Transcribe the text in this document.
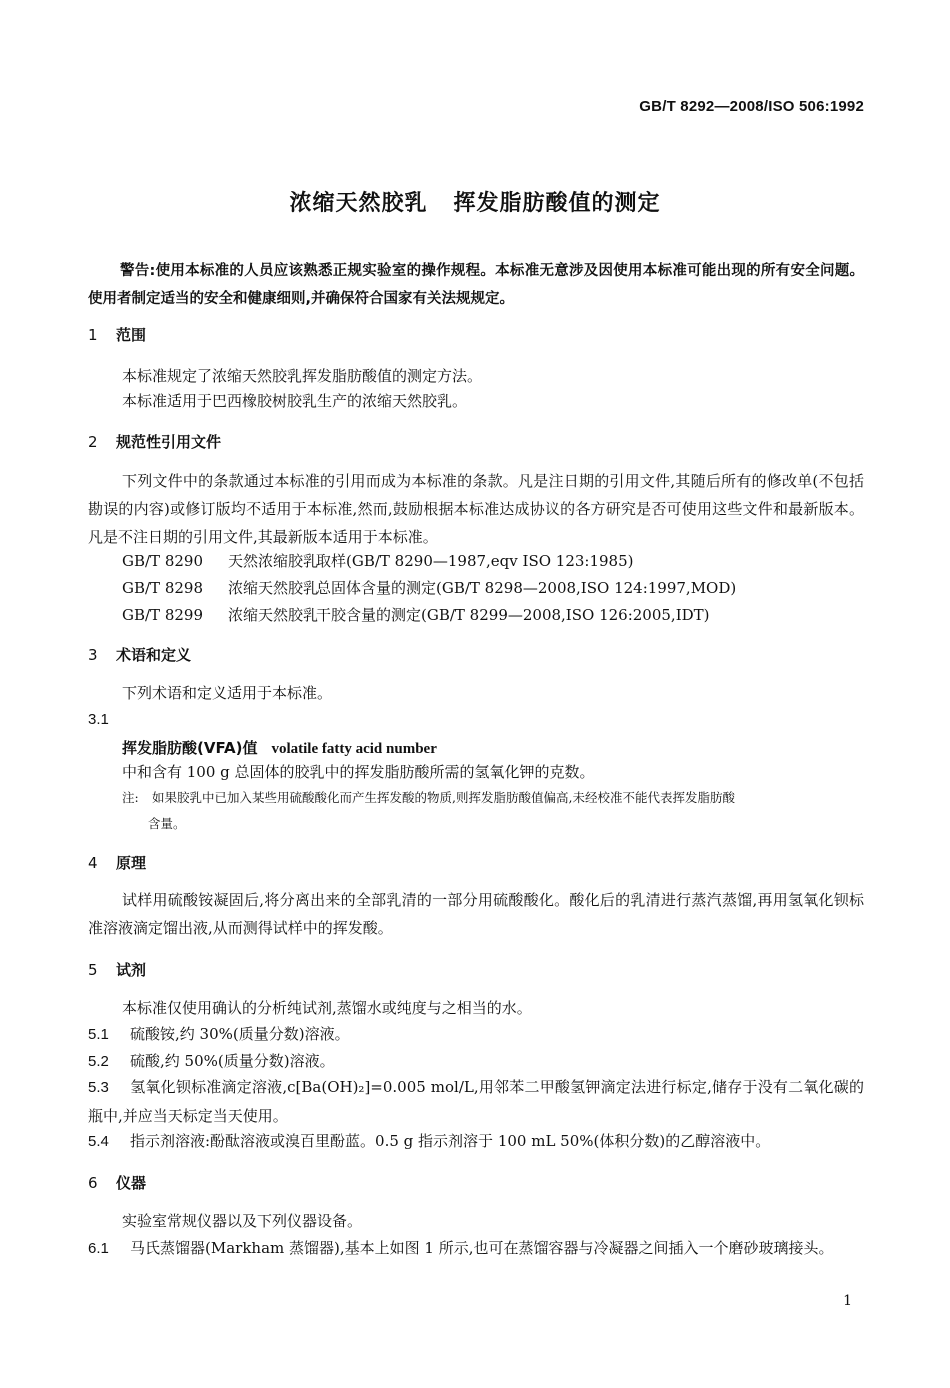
GB/T 8292—2008/ISO 506:1992
浓缩天然胶乳 挥发脂肪酸值的测定
警告:使用本标准的人员应该熟悉正规实验室的操作规程。本标准无意涉及因使用本标准可能出现的所有安全问题。使用者制定适当的安全和健康细则,并确保符合国家有关法规规定。
1 范围
本标准规定了浓缩天然胶乳挥发脂肪酸值的测定方法。
本标准适用于巴西橡胶树胶乳生产的浓缩天然胶乳。
2 规范性引用文件
下列文件中的条款通过本标准的引用而成为本标准的条款。凡是注日期的引用文件,其随后所有的修改单(不包括勘误的内容)或修订版均不适用于本标准,然而,鼓励根据本标准达成协议的各方研究是否可使用这些文件和最新版本。凡是不注日期的引用文件,其最新版本适用于本标准。
GB/T 8290 天然浓缩胶乳取样(GB/T 8290—1987,eqv ISO 123:1985)
GB/T 8298 浓缩天然胶乳总固体含量的测定(GB/T 8298—2008,ISO 124:1997,MOD)
GB/T 8299 浓缩天然胶乳干胶含量的测定(GB/T 8299—2008,ISO 126:2005,IDT)
3 术语和定义
下列术语和定义适用于本标准。
3.1
挥发脂肪酸(VFA)值 volatile fatty acid number
中和含有 100 g 总固体的胶乳中的挥发脂肪酸所需的氢氧化钾的克数。
注: 如果胶乳中已加入某些用硫酸酸化而产生挥发酸的物质,则挥发脂肪酸值偏高,未经校准不能代表挥发脂肪酸
含量。
4 原理
试样用硫酸铵凝固后,将分离出来的全部乳清的一部分用硫酸酸化。酸化后的乳清进行蒸汽蒸馏,再用氢氧化钡标准溶液滴定馏出液,从而测得试样中的挥发酸。
5 试剂
本标准仅使用确认的分析纯试剂,蒸馏水或纯度与之相当的水。
5.1 硫酸铵,约 30%(质量分数)溶液。
5.2 硫酸,约 50%(质量分数)溶液。
5.3 氢氧化钡标准滴定溶液,c[Ba(OH)₂]=0.005 mol/L,用邻苯二甲酸氢钾滴定法进行标定,储存于没有二氧化碳的瓶中,并应当天标定当天使用。
5.4 指示剂溶液:酚酞溶液或溴百里酚蓝。0.5 g 指示剂溶于 100 mL 50%(体积分数)的乙醇溶液中。
6 仪器
实验室常规仪器以及下列仪器设备。
6.1 马氏蒸馏器(Markham 蒸馏器),基本上如图 1 所示,也可在蒸馏容器与冷凝器之间插入一个磨砂玻璃接头。
1
